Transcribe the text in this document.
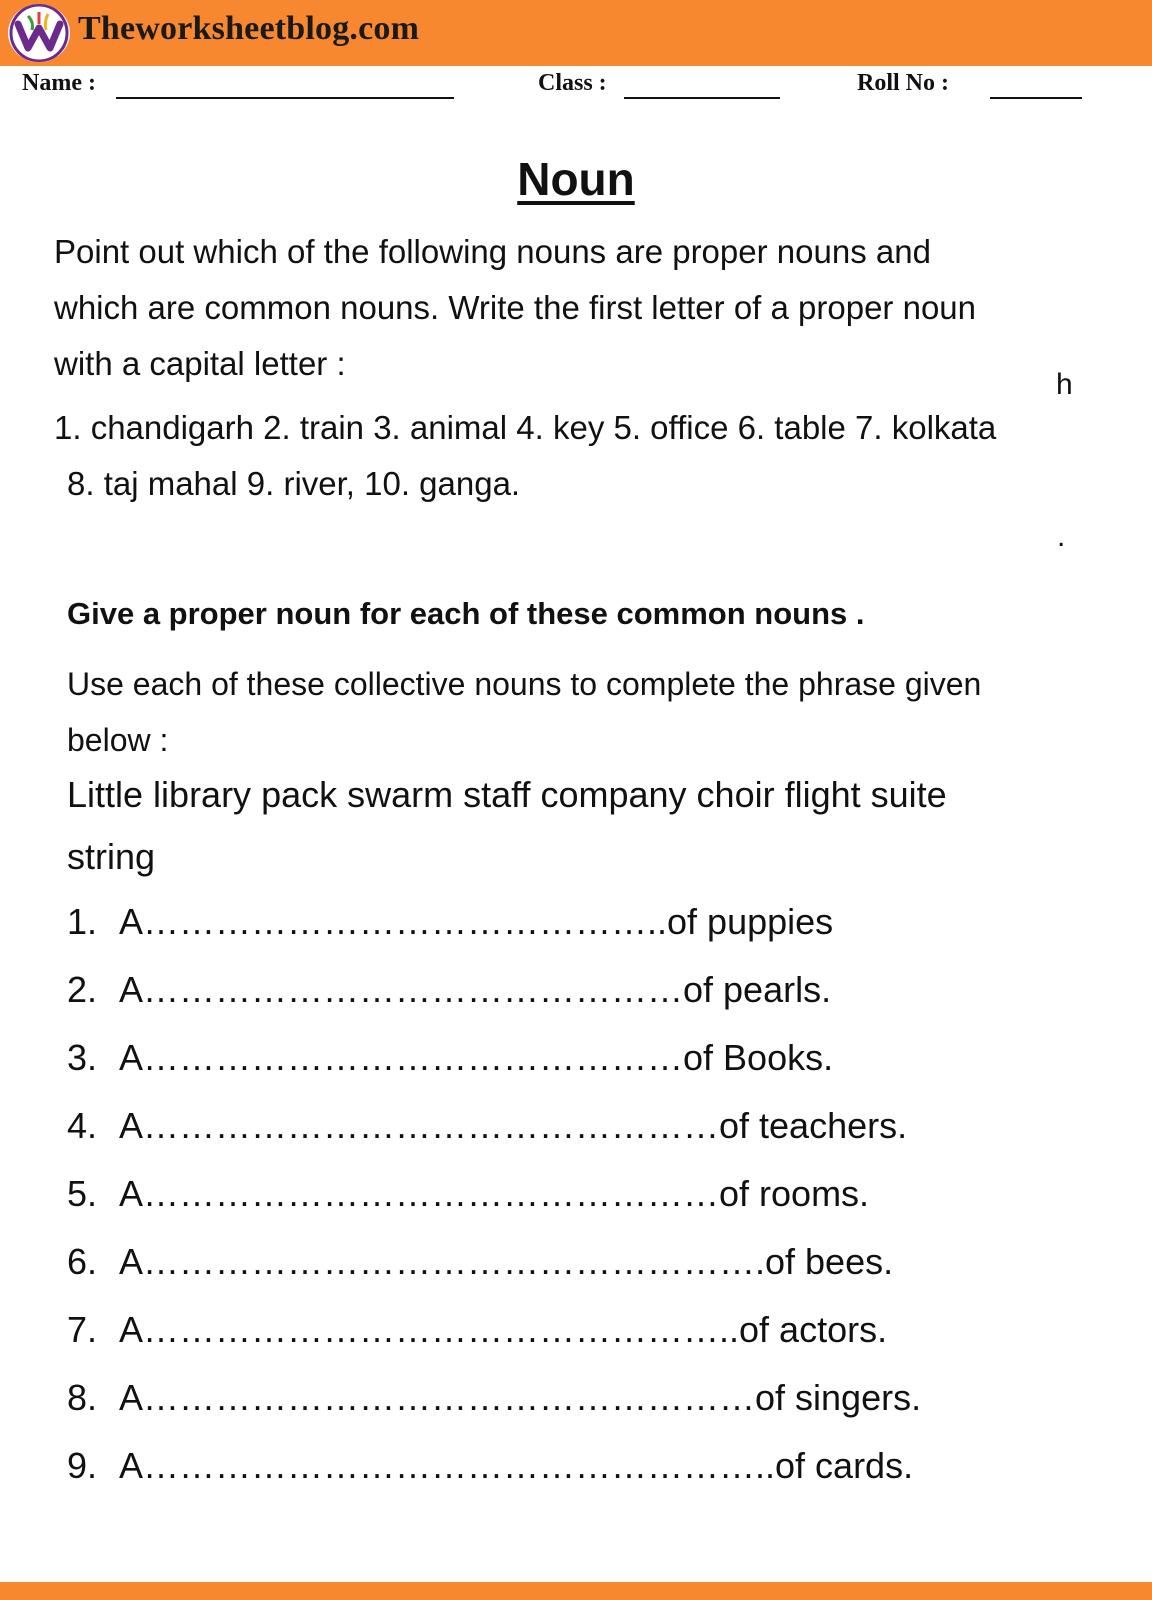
Theworksheetblog.com
Name :	Class :	Roll No :
Noun
Point out which of the following nouns are proper nouns and
which are common nouns. Write the first letter of a proper noun
with a capital letter :
h
1. chandigarh 2. train 3. animal 4. key 5. office 6. table 7. kolkata
8. taj mahal 9. river, 10. ganga.
.
Give a proper noun for each of these common nouns .
Use each of these collective nouns to complete the phrase given
below :
Little library pack swarm staff company choir flight suite
string
1. A……………………………………..of puppies
2. A………………………………………of pearls.
3. A………………………………………of Books.
4. A…………………………………………of teachers.
5. A…………………………………………of rooms.
6. A…………………………………………….of bees.
7. A…………………………………………..of actors.
8. A……………………………………………of singers.
9. A……………………………………………..of cards.
